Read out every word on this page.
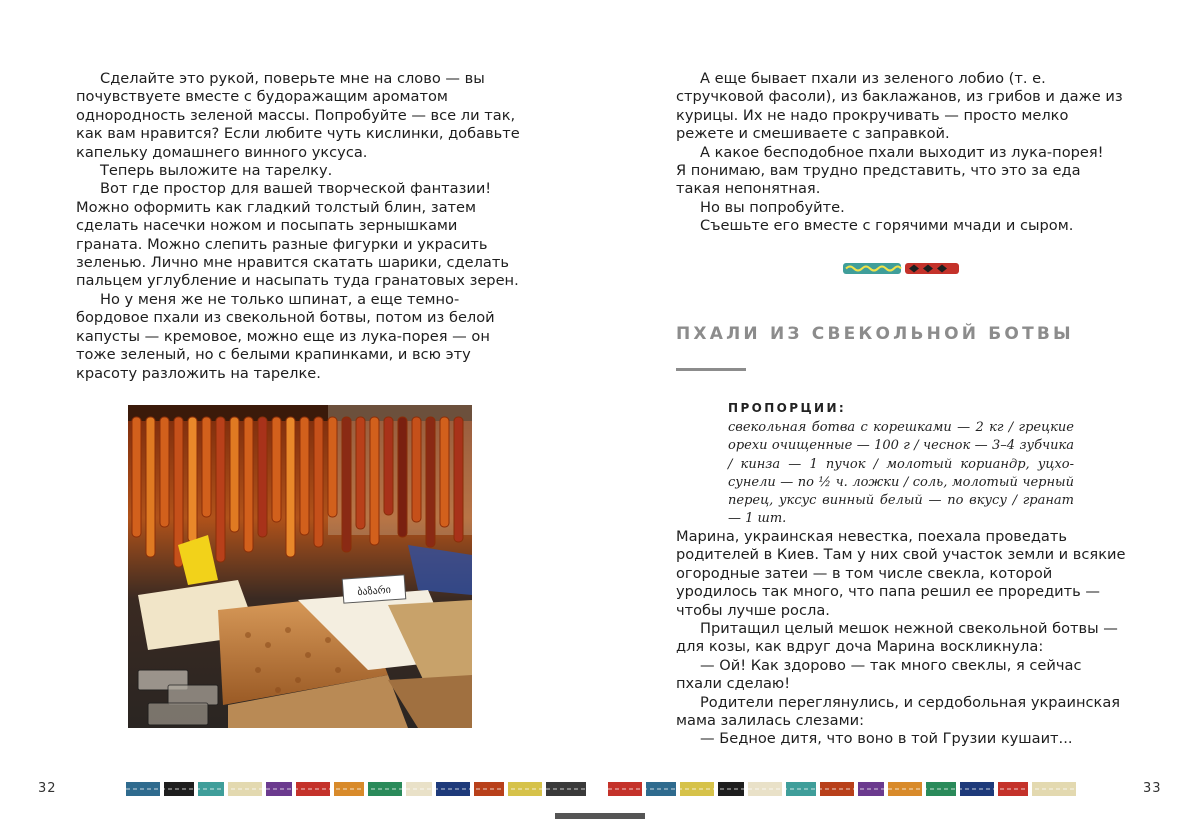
Сделайте это рукой, поверьте мне на слово — вы почувствуете вместе с будоражащим ароматом однородность зеленой массы. Попробуйте — все ли так, как вам нравится? Если любите чуть кислинки, добавьте капельку домашнего винного уксуса.

Теперь выложите на тарелку.

Вот где простор для вашей творческой фантазии! Можно оформить как гладкий толстый блин, затем сделать насечки ножом и посыпать зернышками граната. Можно слепить разные фигурки и украсить зеленью. Лично мне нравится скатать шарики, сделать пальцем углубление и насыпать туда гранатовых зерен.

Но у меня же не только шпинат, а еще темно-бордовое пхали из свекольной ботвы, потом из белой капусты — кремовое, можно еще из лука-порея — он тоже зеленый, но с белыми крапинками, и всю эту красоту разложить на тарелке.

ბაზარი
32

А еще бывает пхали из зеленого лобио (т. е. стручковой фасоли), из баклажанов, из грибов и даже из курицы. Их не надо прокручивать — просто мелко режете и смешиваете с заправкой.

А какое бесподобное пхали выходит из лука-порея!

Я понимаю, вам трудно представить, что это за еда такая непонятная.

Но вы попробуйте.

Съешьте его вместе с горячими мчади и сыром.

ПХАЛИ ИЗ СВЕКОЛЬНОЙ БОТВЫ
ПРОПОРЦИИ:
свекольная ботва с корешками — 2 кг / грецкие орехи очищенные — 100 г / чеснок — 3–4 зубчика / кинза — 1 пучок / молотый кориандр, уцхо-сунели — по ½ ч. ложки / соль, молотый черный перец, уксус винный белый — по вкусу / гранат — 1 шт.

Марина, украинская невестка, поехала проведать родителей в Киев. Там у них свой участок земли и всякие огородные затеи — в том числе свекла, которой уродилось так много, что папа решил ее проредить — чтобы лучше росла.

Притащил целый мешок нежной свекольной ботвы — для козы, как вдруг доча Марина воскликнула:

— Ой! Как здорово — так много свеклы, я сейчас пхали сделаю!

Родители переглянулись, и сердобольная украинская мама залилась слезами:

— Бедное дитя, что воно в той Грузии кушаит...

33
